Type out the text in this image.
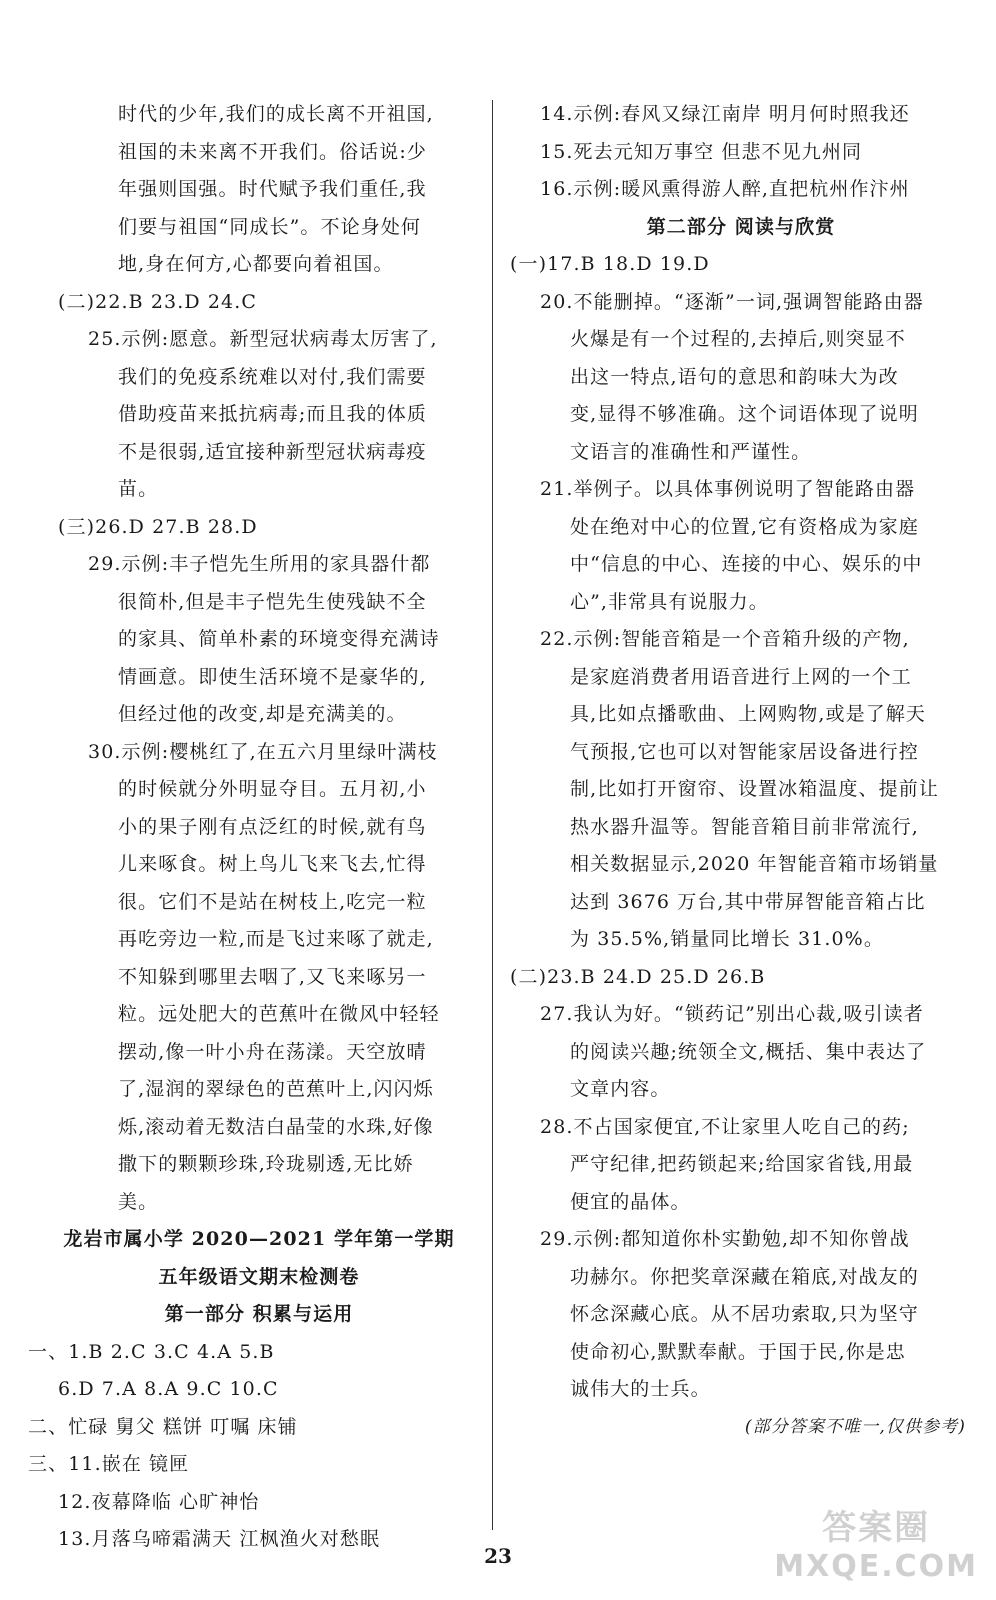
时代的少年,我们的成长离不开祖国,
祖国的未来离不开我们。俗话说:少
年强则国强。时代赋予我们重任,我
们要与祖国“同成长”。不论身处何
地,身在何方,心都要向着祖国。
(二)22.B 23.D 24.C
25.示例:愿意。新型冠状病毒太厉害了,
我们的免疫系统难以对付,我们需要
借助疫苗来抵抗病毒;而且我的体质
不是很弱,适宜接种新型冠状病毒疫
苗。
(三)26.D 27.B 28.D
29.示例:丰子恺先生所用的家具器什都
很简朴,但是丰子恺先生使残缺不全
的家具、简单朴素的环境变得充满诗
情画意。即使生活环境不是豪华的,
但经过他的改变,却是充满美的。
30.示例:樱桃红了,在五六月里绿叶满枝
的时候就分外明显夺目。五月初,小
小的果子刚有点泛红的时候,就有鸟
儿来啄食。树上鸟儿飞来飞去,忙得
很。它们不是站在树枝上,吃完一粒
再吃旁边一粒,而是飞过来啄了就走,
不知躲到哪里去咽了,又飞来啄另一
粒。远处肥大的芭蕉叶在微风中轻轻
摆动,像一叶小舟在荡漾。天空放晴
了,湿润的翠绿色的芭蕉叶上,闪闪烁
烁,滚动着无数洁白晶莹的水珠,好像
撒下的颗颗珍珠,玲珑剔透,无比娇
美。
龙岩市属小学 2020—2021 学年第一学期
五年级语文期末检测卷
第一部分 积累与运用
一、1.B 2.C 3.C 4.A 5.B
6.D 7.A 8.A 9.C 10.C
二、忙碌 舅父 糕饼 叮嘱 床铺
三、11.嵌在 镜匣
12.夜幕降临 心旷神怡
13.月落乌啼霜满天 江枫渔火对愁眠
14.示例:春风又绿江南岸 明月何时照我还
15.死去元知万事空 但悲不见九州同
16.示例:暖风熏得游人醉,直把杭州作汴州
第二部分 阅读与欣赏
(一)17.B 18.D 19.D
20.不能删掉。“逐渐”一词,强调智能路由器
火爆是有一个过程的,去掉后,则突显不
出这一特点,语句的意思和韵味大为改
变,显得不够准确。这个词语体现了说明
文语言的准确性和严谨性。
21.举例子。以具体事例说明了智能路由器
处在绝对中心的位置,它有资格成为家庭
中“信息的中心、连接的中心、娱乐的中
心”,非常具有说服力。
22.示例:智能音箱是一个音箱升级的产物,
是家庭消费者用语音进行上网的一个工
具,比如点播歌曲、上网购物,或是了解天
气预报,它也可以对智能家居设备进行控
制,比如打开窗帘、设置冰箱温度、提前让
热水器升温等。智能音箱目前非常流行,
相关数据显示,2020 年智能音箱市场销量
达到 3676 万台,其中带屏智能音箱占比
为 35.5%,销量同比增长 31.0%。
(二)23.B 24.D 25.D 26.B
27.我认为好。“锁药记”别出心裁,吸引读者
的阅读兴趣;统领全文,概括、集中表达了
文章内容。
28.不占国家便宜,不让家里人吃自己的药;
严守纪律,把药锁起来;给国家省钱,用最
便宜的晶体。
29.示例:都知道你朴实勤勉,却不知你曾战
功赫尔。你把奖章深藏在箱底,对战友的
怀念深藏心底。从不居功索取,只为坚守
使命初心,默默奉献。于国于民,你是忠
诚伟大的士兵。
(部分答案不唯一,仅供参考)
23
答案圈
MXQE.COM
